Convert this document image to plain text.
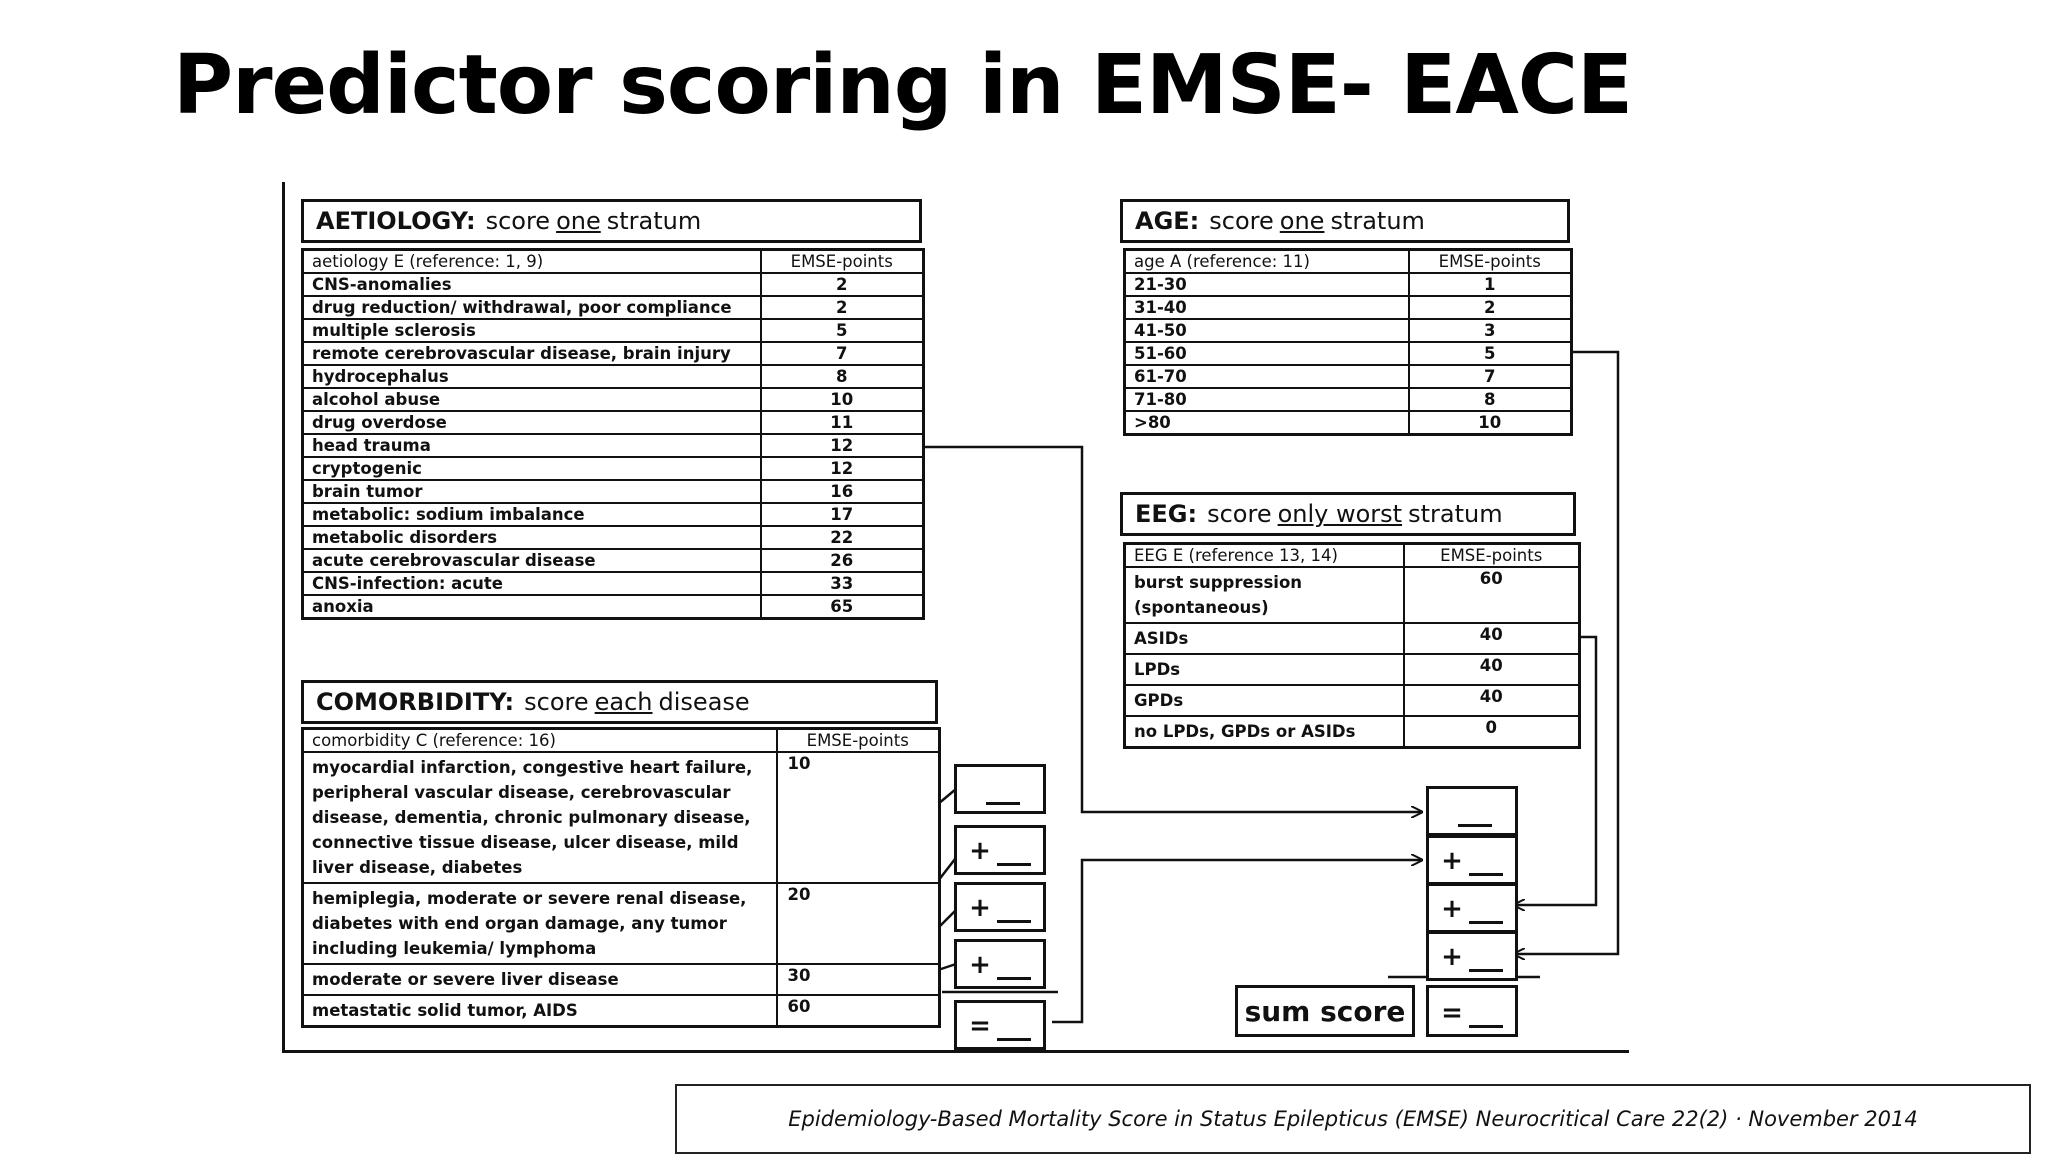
Predictor scoring in EMSE- EACE
AETIOLOGY: score one stratum
aetiology E (reference: 1, 9)	EMSE-points
CNS-anomalies	2
drug reduction/ withdrawal, poor compliance	2
multiple sclerosis	5
remote cerebrovascular disease, brain injury	7
hydrocephalus	8
alcohol abuse	10
drug overdose	11
head trauma	12
cryptogenic	12
brain tumor	16
metabolic: sodium imbalance	17
metabolic disorders	22
acute cerebrovascular disease	26
CNS-infection: acute	33
anoxia	65
COMORBIDITY: score each disease
comorbidity C (reference: 16)	EMSE-points
myocardial infarction, congestive heart failure, peripheral vascular disease, cerebrovascular disease, dementia, chronic pulmonary disease, connective tissue disease, ulcer disease, mild liver disease, diabetes	10
hemiplegia, moderate or severe renal disease, diabetes with end organ damage, any tumor including leukemia/ lymphoma	20
moderate or severe liver disease	30
metastatic solid tumor, AIDS	60
+
+
+
=
AGE: score one stratum
age A (reference: 11)	EMSE-points
21-30	1
31-40	2
41-50	3
51-60	5
61-70	7
71-80	8
>80	10
EEG: score only worst stratum
EEG E (reference 13, 14)	EMSE-points
burst suppression (spontaneous)	60
ASIDs	40
LPDs	40
GPDs	40
no LPDs, GPDs or ASIDs	0
+
+
+
sum score	=
Epidemiology-Based Mortality Score in Status Epilepticus (EMSE) Neurocritical Care 22(2) · November 2014
